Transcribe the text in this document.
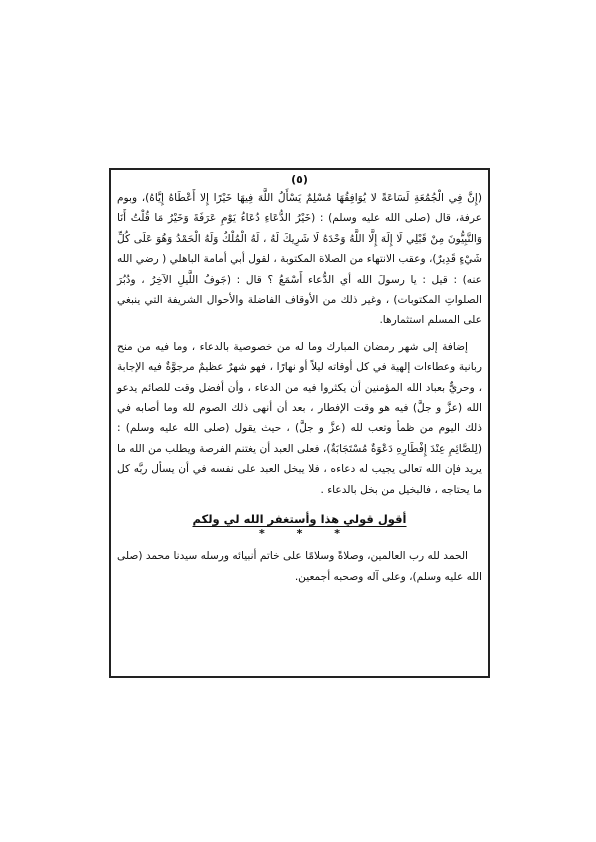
(٥)

(إِنَّ فِي الْجُمُعَةِ لَسَاعَةً لا يُوَافِقُهَا مُسْلِمٌ يَسْأَلُ اللَّهَ فِيهَا خَيْرًا إِلا أَعْطَاهُ إِيَّاهُ)، وبوم عرفة، قال (صلى الله عليه وسلم) : (خَيْرُ الدُّعَاءِ دُعَاءُ يَوْمِ عَرَفَةَ وَخَيْرُ مَا قُلْتُ أَنَا وَالنَّبِيُّونَ مِنْ قَبْلِي لَا إِلَهَ إِلَّا اللَّهُ وَحْدَهُ لَا شَرِيكَ لَهُ ، لَهُ الْمُلْكُ وَلَهُ الْحَمْدُ وَهُوَ عَلَى كُلِّ شَيْءٍ قَدِيرٌ)، وعقب الانتهاء من الصلاة المكتوبة ، لقول أبي أمامة الباهلي ( رضي الله عنه) : قيل : يا رسولَ الله أي الدُّعاء أَسْمَعُ ؟ قال : (جَوفُ اللَّيلِ الآخِرُ ، ودُبُرَ الصلواتِ المكتوبات) ، وغير ذلك من الأوقاف الفاضلة والأحوال الشريفة التي ينبغي على المسلم استثمارها.

إضافة إلى شهر رمضان المبارك وما له من خصوصية بالدعاء ، وما فيه من منح ربانية وعطاءات إلهية في كل أوقاته ليلاً أو نهارًا ، فهو شهرٌ عظيمٌ مرجوَّةٌ فيه الإجابة ، وحريٌّ بعباد الله المؤمنين أن يكثروا فيه من الدعاء ، وأن أفضل وقت للصائم يدعو الله (عزَّ و جلَّ) فيه هو وقت الإفطار ، بعد أن أنهى ذلك الصوم لله وما أصابه في ذلك اليوم من ظمأ وتعب لله (عزَّ و جلَّ) ، حيث يقول (صلى الله عليه وسلم) : (لِلصَّائِمِ عِنْدَ إِفْطَارِهِ دَعْوَةٌ مُسْتَجَابَةٌ)، فعلى العبد أن يغتنم الفرصة ويطلب من الله ما يريد فإن الله تعالى يجيب له دعاءه ، فلا يبخل العبد على نفسه في أن يسأل ربَّه كل ما يحتاجه ، فالبخيل من بخل بالدعاء .

أقول قولي هذا وأستغفر الله لي ولكم
* * *

الحمد لله رب العالمين، وصلاةً وسلامًا على خاتم أنبيائه ورسله سيدنا محمد (صلى الله عليه وسلم)، وعلى آله وصحبه أجمعين.
